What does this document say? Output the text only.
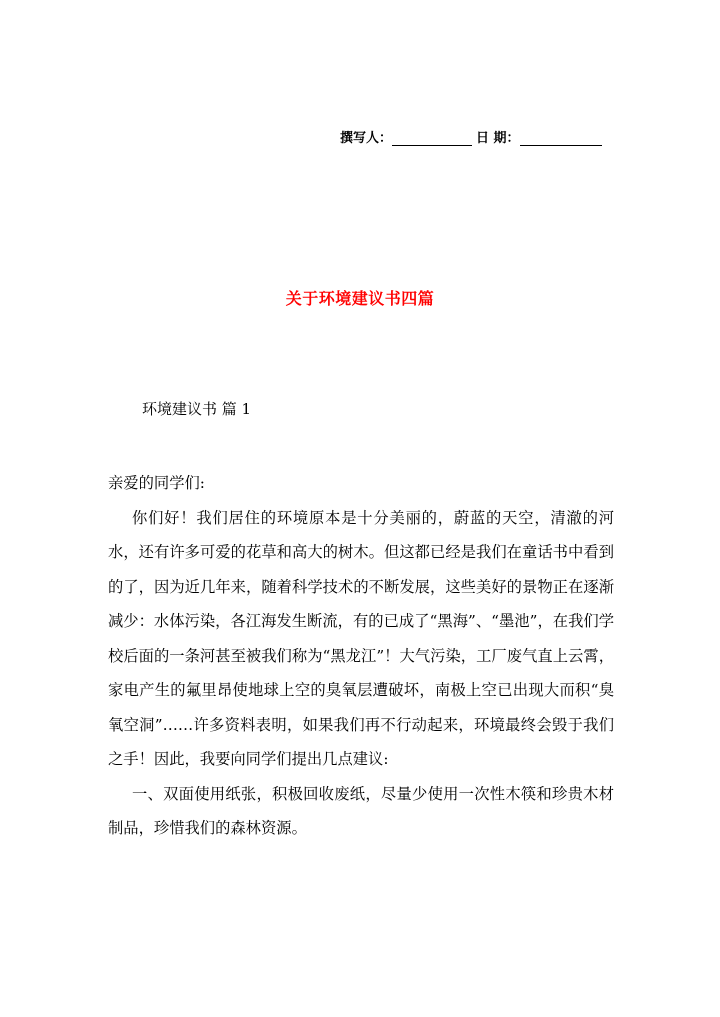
撰写人：	日 期：
关于环境建议书四篇
环境建议书 篇 1

亲爱的同学们:

你们好！我们居住的环境原本是十分美丽的，蔚蓝的天空，清澈的河水，还有许多可爱的花草和高大的树木。但这都已经是我们在童话书中看到的了，因为近几年来，随着科学技术的不断发展，这些美好的景物正在逐渐减少：水体污染，各江海发生断流，有的已成了“黑海”、“墨池”，在我们学校后面的一条河甚至被我们称为“黑龙江”！大气污染，工厂废气直上云霄，家电产生的氟里昂使地球上空的臭氧层遭破坏，南极上空已出现大而积“臭氧空洞”……许多资料表明，如果我们再不行动起来，环境最终会毁于我们之手！因此，我要向同学们提出几点建议:

一、双面使用纸张，积极回收废纸，尽量少使用一次性木筷和珍贵木材制品，珍惜我们的森林资源。
